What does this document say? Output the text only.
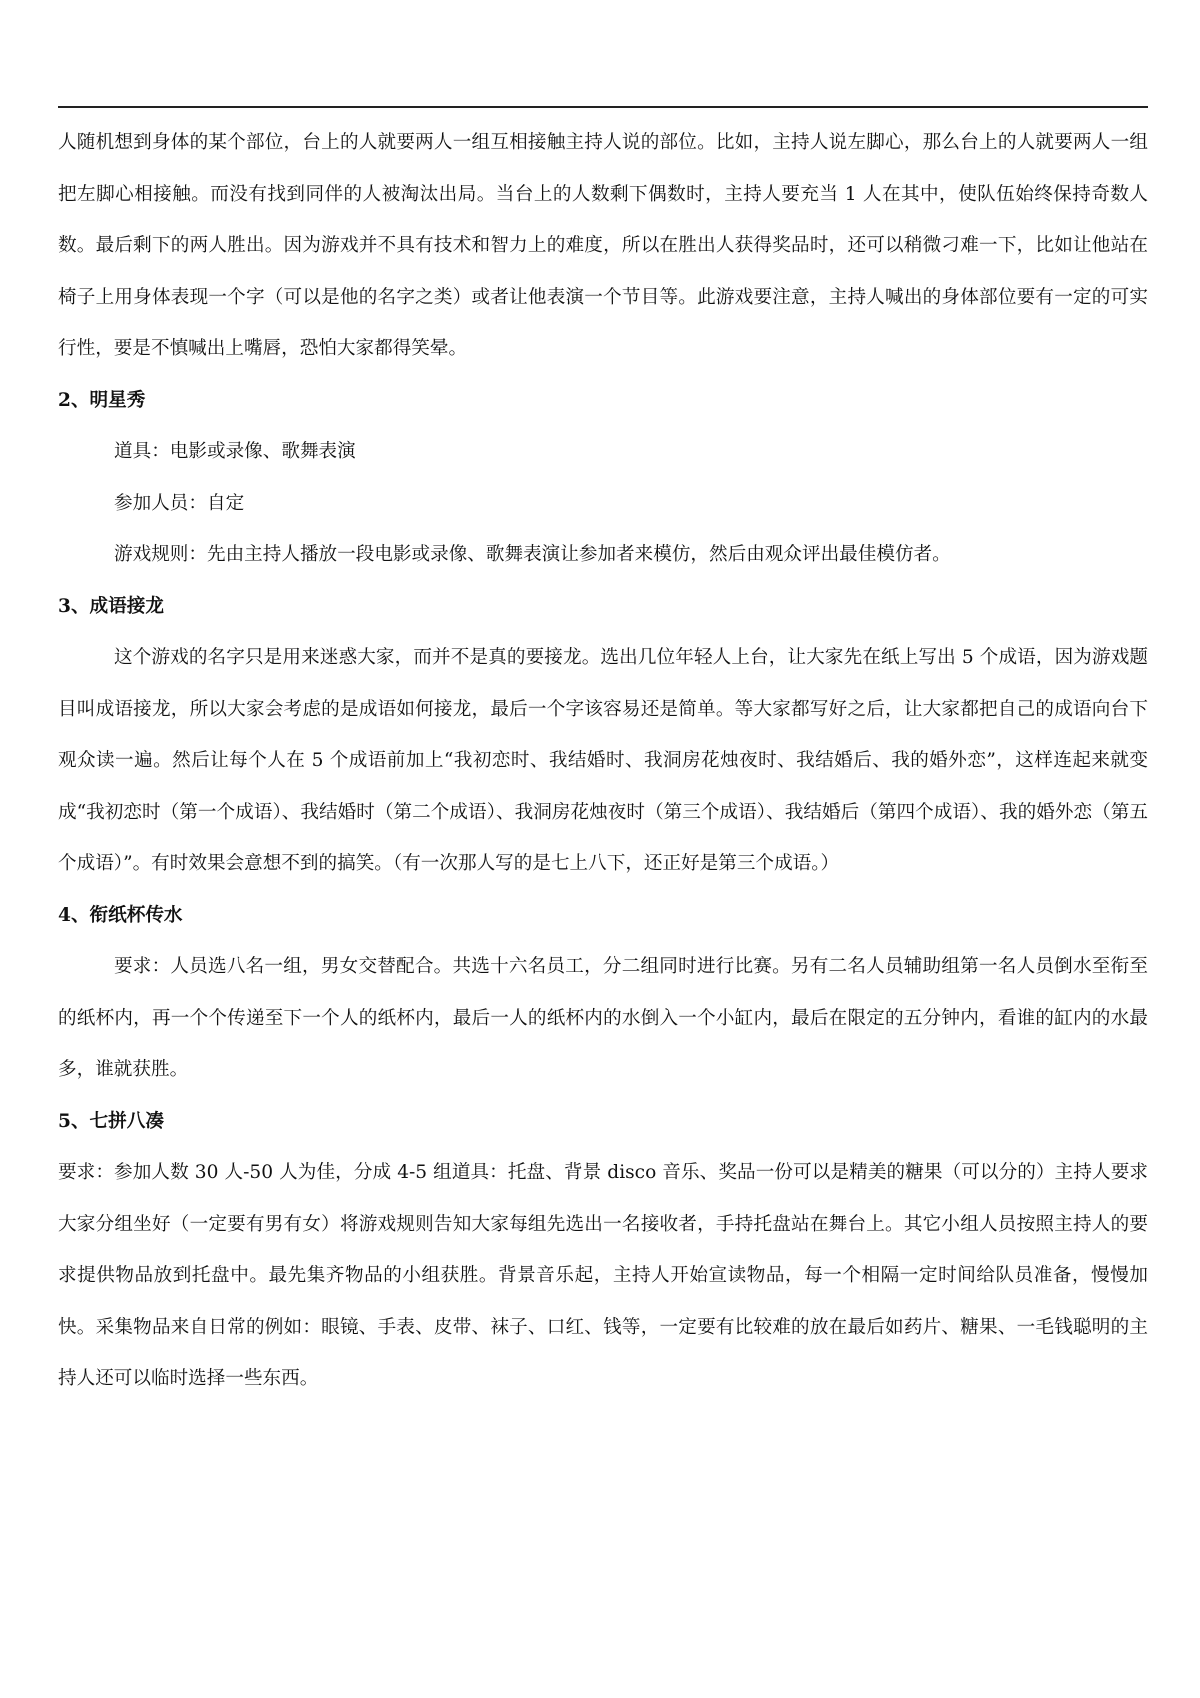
人随机想到身体的某个部位，台上的人就要两人一组互相接触主持人说的部位。比如，主持人说左脚心，那么台上的人就要两人一组把左脚心相接触。而没有找到同伴的人被淘汰出局。当台上的人数剩下偶数时，主持人要充当 1 人在其中，使队伍始终保持奇数人数。最后剩下的两人胜出。因为游戏并不具有技术和智力上的难度，所以在胜出人获得奖品时，还可以稍微刁难一下，比如让他站在椅子上用身体表现一个字（可以是他的名字之类）或者让他表演一个节目等。此游戏要注意，主持人喊出的身体部位要有一定的可实行性，要是不慎喊出上嘴唇，恐怕大家都得笑晕。

2、明星秀

道具：电影或录像、歌舞表演

参加人员：自定

游戏规则：先由主持人播放一段电影或录像、歌舞表演让参加者来模仿，然后由观众评出最佳模仿者。

3、成语接龙

这个游戏的名字只是用来迷惑大家，而并不是真的要接龙。选出几位年轻人上台，让大家先在纸上写出 5 个成语，因为游戏题目叫成语接龙，所以大家会考虑的是成语如何接龙，最后一个字该容易还是简单。等大家都写好之后，让大家都把自己的成语向台下观众读一遍。然后让每个人在 5 个成语前加上“我初恋时、我结婚时、我洞房花烛夜时、我结婚后、我的婚外恋”，这样连起来就变成“我初恋时（第一个成语）、我结婚时（第二个成语）、我洞房花烛夜时（第三个成语）、我结婚后（第四个成语）、我的婚外恋（第五个成语）”。有时效果会意想不到的搞笑。（有一次那人写的是七上八下，还正好是第三个成语。）

4、衔纸杯传水

要求：人员选八名一组，男女交替配合。共选十六名员工，分二组同时进行比赛。另有二名人员辅助组第一名人员倒水至衔至的纸杯内，再一个个传递至下一个人的纸杯内，最后一人的纸杯内的水倒入一个小缸内，最后在限定的五分钟内，看谁的缸内的水最多，谁就获胜。

5、七拼八凑

要求：参加人数 30 人-50 人为佳，分成 4-5 组道具：托盘、背景 disco 音乐、奖品一份可以是精美的糖果（可以分的）主持人要求大家分组坐好（一定要有男有女）将游戏规则告知大家每组先选出一名接收者，手持托盘站在舞台上。其它小组人员按照主持人的要求提供物品放到托盘中。最先集齐物品的小组获胜。背景音乐起，主持人开始宣读物品，每一个相隔一定时间给队员准备，慢慢加快。采集物品来自日常的例如：眼镜、手表、皮带、袜子、口红、钱等，一定要有比较难的放在最后如药片、糖果、一毛钱聪明的主持人还可以临时选择一些东西。
